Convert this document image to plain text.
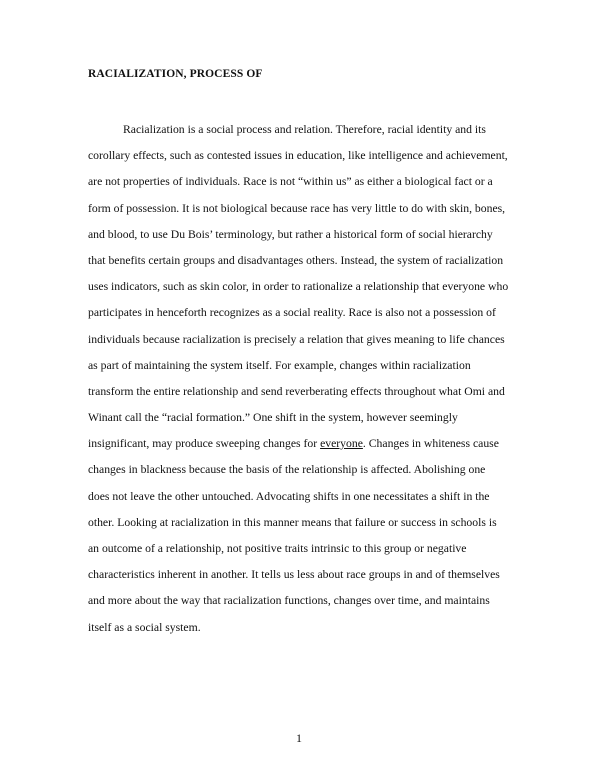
RACIALIZATION, PROCESS OF
Racialization is a social process and relation. Therefore, racial identity and its
corollary effects, such as contested issues in education, like intelligence and achievement,
are not properties of individuals. Race is not “within us” as either a biological fact or a
form of possession. It is not biological because race has very little to do with skin, bones,
and blood, to use Du Bois’ terminology, but rather a historical form of social hierarchy
that benefits certain groups and disadvantages others. Instead, the system of racialization
uses indicators, such as skin color, in order to rationalize a relationship that everyone who
participates in henceforth recognizes as a social reality. Race is also not a possession of
individuals because racialization is precisely a relation that gives meaning to life chances
as part of maintaining the system itself. For example, changes within racialization
transform the entire relationship and send reverberating effects throughout what Omi and
Winant call the “racial formation.” One shift in the system, however seemingly
insignificant, may produce sweeping changes for everyone. Changes in whiteness cause
changes in blackness because the basis of the relationship is affected. Abolishing one
does not leave the other untouched. Advocating shifts in one necessitates a shift in the
other. Looking at racialization in this manner means that failure or success in schools is
an outcome of a relationship, not positive traits intrinsic to this group or negative
characteristics inherent in another. It tells us less about race groups in and of themselves
and more about the way that racialization functions, changes over time, and maintains
itself as a social system.
1
